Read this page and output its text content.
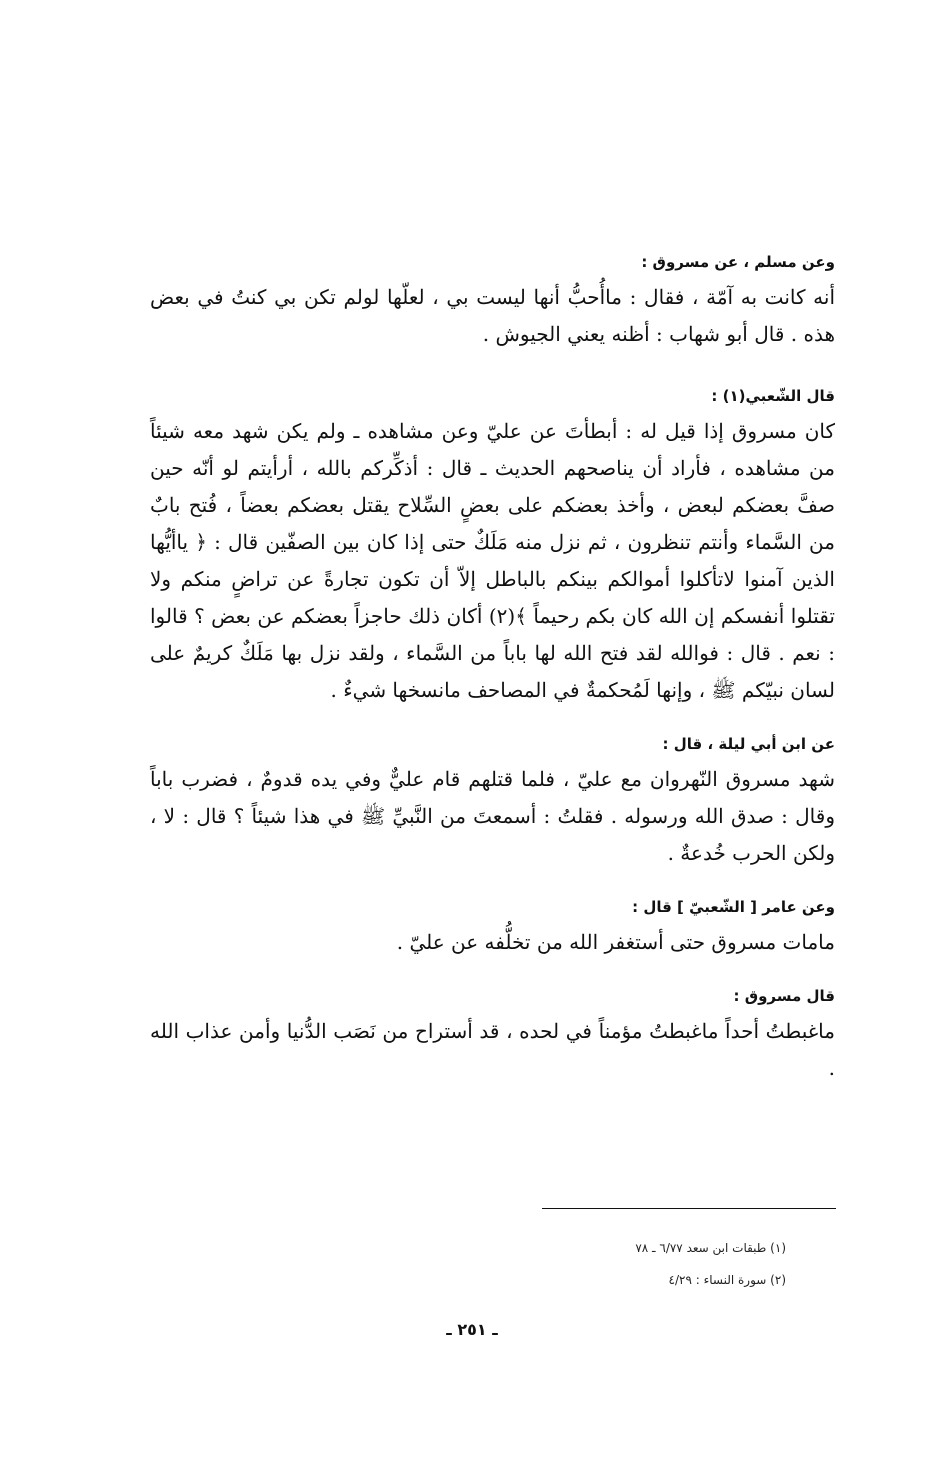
وعن مسلم ، عن مسروق :

أنه كانت به آمّة ، فقال : ماأُحبُّ أنها ليست بي ، لعلّها لولم تكن بي كنتُ في بعض هذه . قال أبو شهاب : أظنه يعني الجيوش .

قال الشّعبي(١) :

كان مسروق إذا قيل له : أبطأتَ عن عليّ وعن مشاهده ـ ولم يكن شهد معه شيئاً من مشاهده ، فأراد أن يناصحهم الحديث ـ قال : أذكِّركم بالله ، أرأيتم لو أنّه حين صفَّ بعضكم لبعض ، وأخذ بعضكم على بعضٍ السِّلاح يقتل بعضكم بعضاً ، فُتح بابٌ من السَّماء وأنتم تنظرون ، ثم نزل منه مَلَكٌ حتى إذا كان بين الصفّين قال : ﴿ ياأيُّها الذين آمنوا لاتأكلوا أموالكم بينكم بالباطل إلاّ أن تكون تجارةً عن تراضٍ منكم ولا تقتلوا أنفسكم إن الله كان بكم رحيماً ﴾(٢) أكان ذلك حاجزاً بعضكم عن بعض ؟ قالوا : نعم . قال : فوالله لقد فتح الله لها باباً من السَّماء ، ولقد نزل بها مَلَكٌ كريمٌ على لسان نبيّكم ﷺ ، وإنها لَمُحكمةٌ في المصاحف مانسخها شيءٌ .

عن ابن أبي ليلة ، قال :

شهد مسروق النّهروان مع عليّ ، فلما قتلهم قام عليٌّ وفي يده قدومٌ ، فضرب باباً وقال : صدق الله ورسوله . فقلتُ : أسمعتَ من النَّبيِّ ﷺ في هذا شيئاً ؟ قال : لا ، ولكن الحرب خُدعةٌ .

وعن عامر [ الشّعبيّ ] قال :

مامات مسروق حتى أستغفر الله من تخلُّفه عن عليّ .

قال مسروق :

ماغبطتُ أحداً ماغبطتُ مؤمناً في لحده ، قد أستراح من نَصَب الدُّنيا وأمن عذاب الله .

(١) طبقات ابن سعد ٦/٧٧ ـ ٧٨

(٢) سورة النساء : ٤/٢٩

ـ ٢٥١ ـ
